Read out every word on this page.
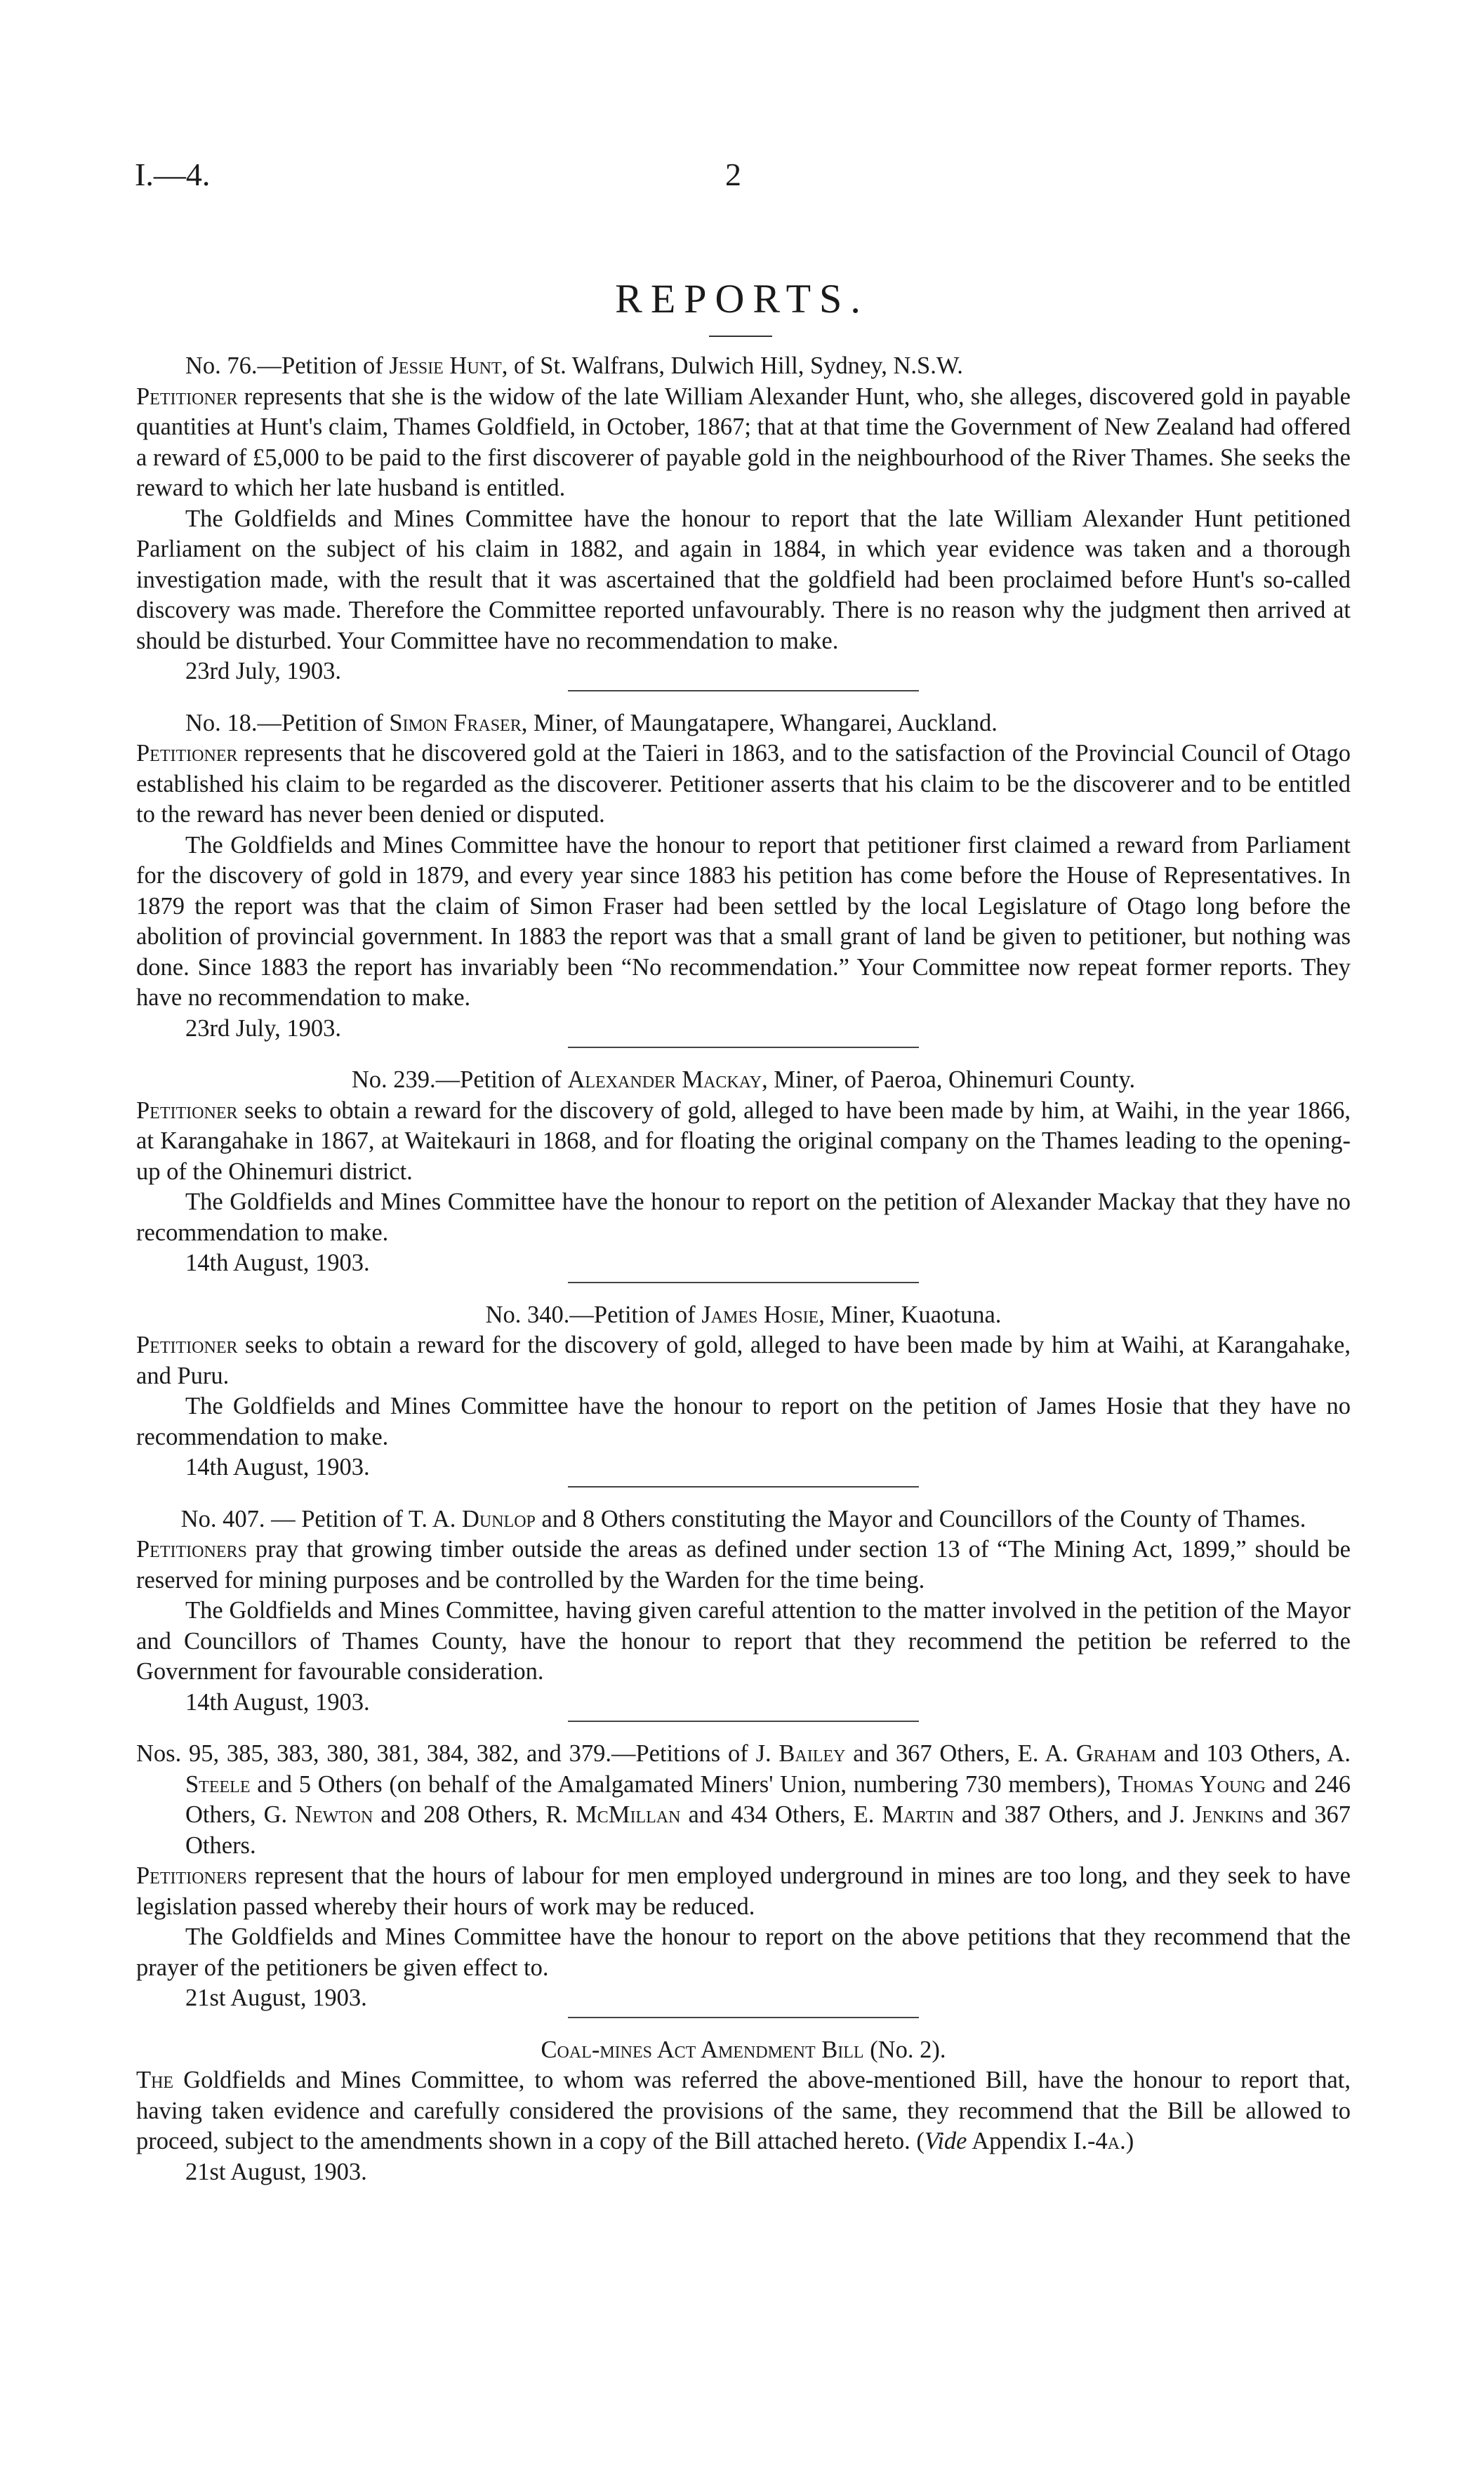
I.—4.	2
REPORTS.

No. 76.—Petition of Jessie Hunt, of St. Walfrans, Dulwich Hill, Sydney, N.S.W.

Petitioner represents that she is the widow of the late William Alexander Hunt, who, she alleges, discovered gold in payable quantities at Hunt's claim, Thames Goldfield, in October, 1867; that at that time the Government of New Zealand had offered a reward of £5,000 to be paid to the first discoverer of payable gold in the neighbourhood of the River Thames. She seeks the reward to which her late husband is entitled.

The Goldfields and Mines Committee have the honour to report that the late William Alexander Hunt petitioned Parliament on the subject of his claim in 1882, and again in 1884, in which year evidence was taken and a thorough investigation made, with the result that it was ascertained that the goldfield had been proclaimed before Hunt's so-called discovery was made. Therefore the Committee reported unfavourably. There is no reason why the judgment then arrived at should be disturbed. Your Committee have no recommendation to make.

23rd July, 1903.

No. 18.—Petition of Simon Fraser, Miner, of Maungatapere, Whangarei, Auckland.

Petitioner represents that he discovered gold at the Taieri in 1863, and to the satisfaction of the Provincial Council of Otago established his claim to be regarded as the discoverer. Petitioner asserts that his claim to be the discoverer and to be entitled to the reward has never been denied or disputed.

The Goldfields and Mines Committee have the honour to report that petitioner first claimed a reward from Parliament for the discovery of gold in 1879, and every year since 1883 his petition has come before the House of Representatives. In 1879 the report was that the claim of Simon Fraser had been settled by the local Legislature of Otago long before the abolition of provincial government. In 1883 the report was that a small grant of land be given to petitioner, but nothing was done. Since 1883 the report has invariably been “No recommendation.” Your Committee now repeat former reports. They have no recommendation to make.

23rd July, 1903.

No. 239.—Petition of Alexander Mackay, Miner, of Paeroa, Ohinemuri County.

Petitioner seeks to obtain a reward for the discovery of gold, alleged to have been made by him, at Waihi, in the year 1866, at Karangahake in 1867, at Waitekauri in 1868, and for floating the original company on the Thames leading to the opening-up of the Ohinemuri district.

The Goldfields and Mines Committee have the honour to report on the petition of Alexander Mackay that they have no recommendation to make.

14th August, 1903.

No. 340.—Petition of James Hosie, Miner, Kuaotuna.

Petitioner seeks to obtain a reward for the discovery of gold, alleged to have been made by him at Waihi, at Karangahake, and Puru.

The Goldfields and Mines Committee have the honour to report on the petition of James Hosie that they have no recommendation to make.

14th August, 1903.

No. 407. — Petition of T. A. Dunlop and 8 Others constituting the Mayor and Councillors of the County of Thames.

Petitioners pray that growing timber outside the areas as defined under section 13 of “The Mining Act, 1899,” should be reserved for mining purposes and be controlled by the Warden for the time being.

The Goldfields and Mines Committee, having given careful attention to the matter involved in the petition of the Mayor and Councillors of Thames County, have the honour to report that they recommend the petition be referred to the Government for favourable consideration.

14th August, 1903.

Nos. 95, 385, 383, 380, 381, 384, 382, and 379.—Petitions of J. Bailey and 367 Others, E. A. Graham and 103 Others, A. Steele and 5 Others (on behalf of the Amalgamated Miners' Union, numbering 730 members), Thomas Young and 246 Others, G. Newton and 208 Others, R. McMillan and 434 Others, E. Martin and 387 Others, and J. Jenkins and 367 Others.

Petitioners represent that the hours of labour for men employed underground in mines are too long, and they seek to have legislation passed whereby their hours of work may be reduced.

The Goldfields and Mines Committee have the honour to report on the above petitions that they recommend that the prayer of the petitioners be given effect to.

21st August, 1903.

Coal-mines Act Amendment Bill (No. 2).

The Goldfields and Mines Committee, to whom was referred the above-mentioned Bill, have the honour to report that, having taken evidence and carefully considered the provisions of the same, they recommend that the Bill be allowed to proceed, subject to the amendments shown in a copy of the Bill attached hereto. (Vide Appendix I.-4a.)

21st August, 1903.
